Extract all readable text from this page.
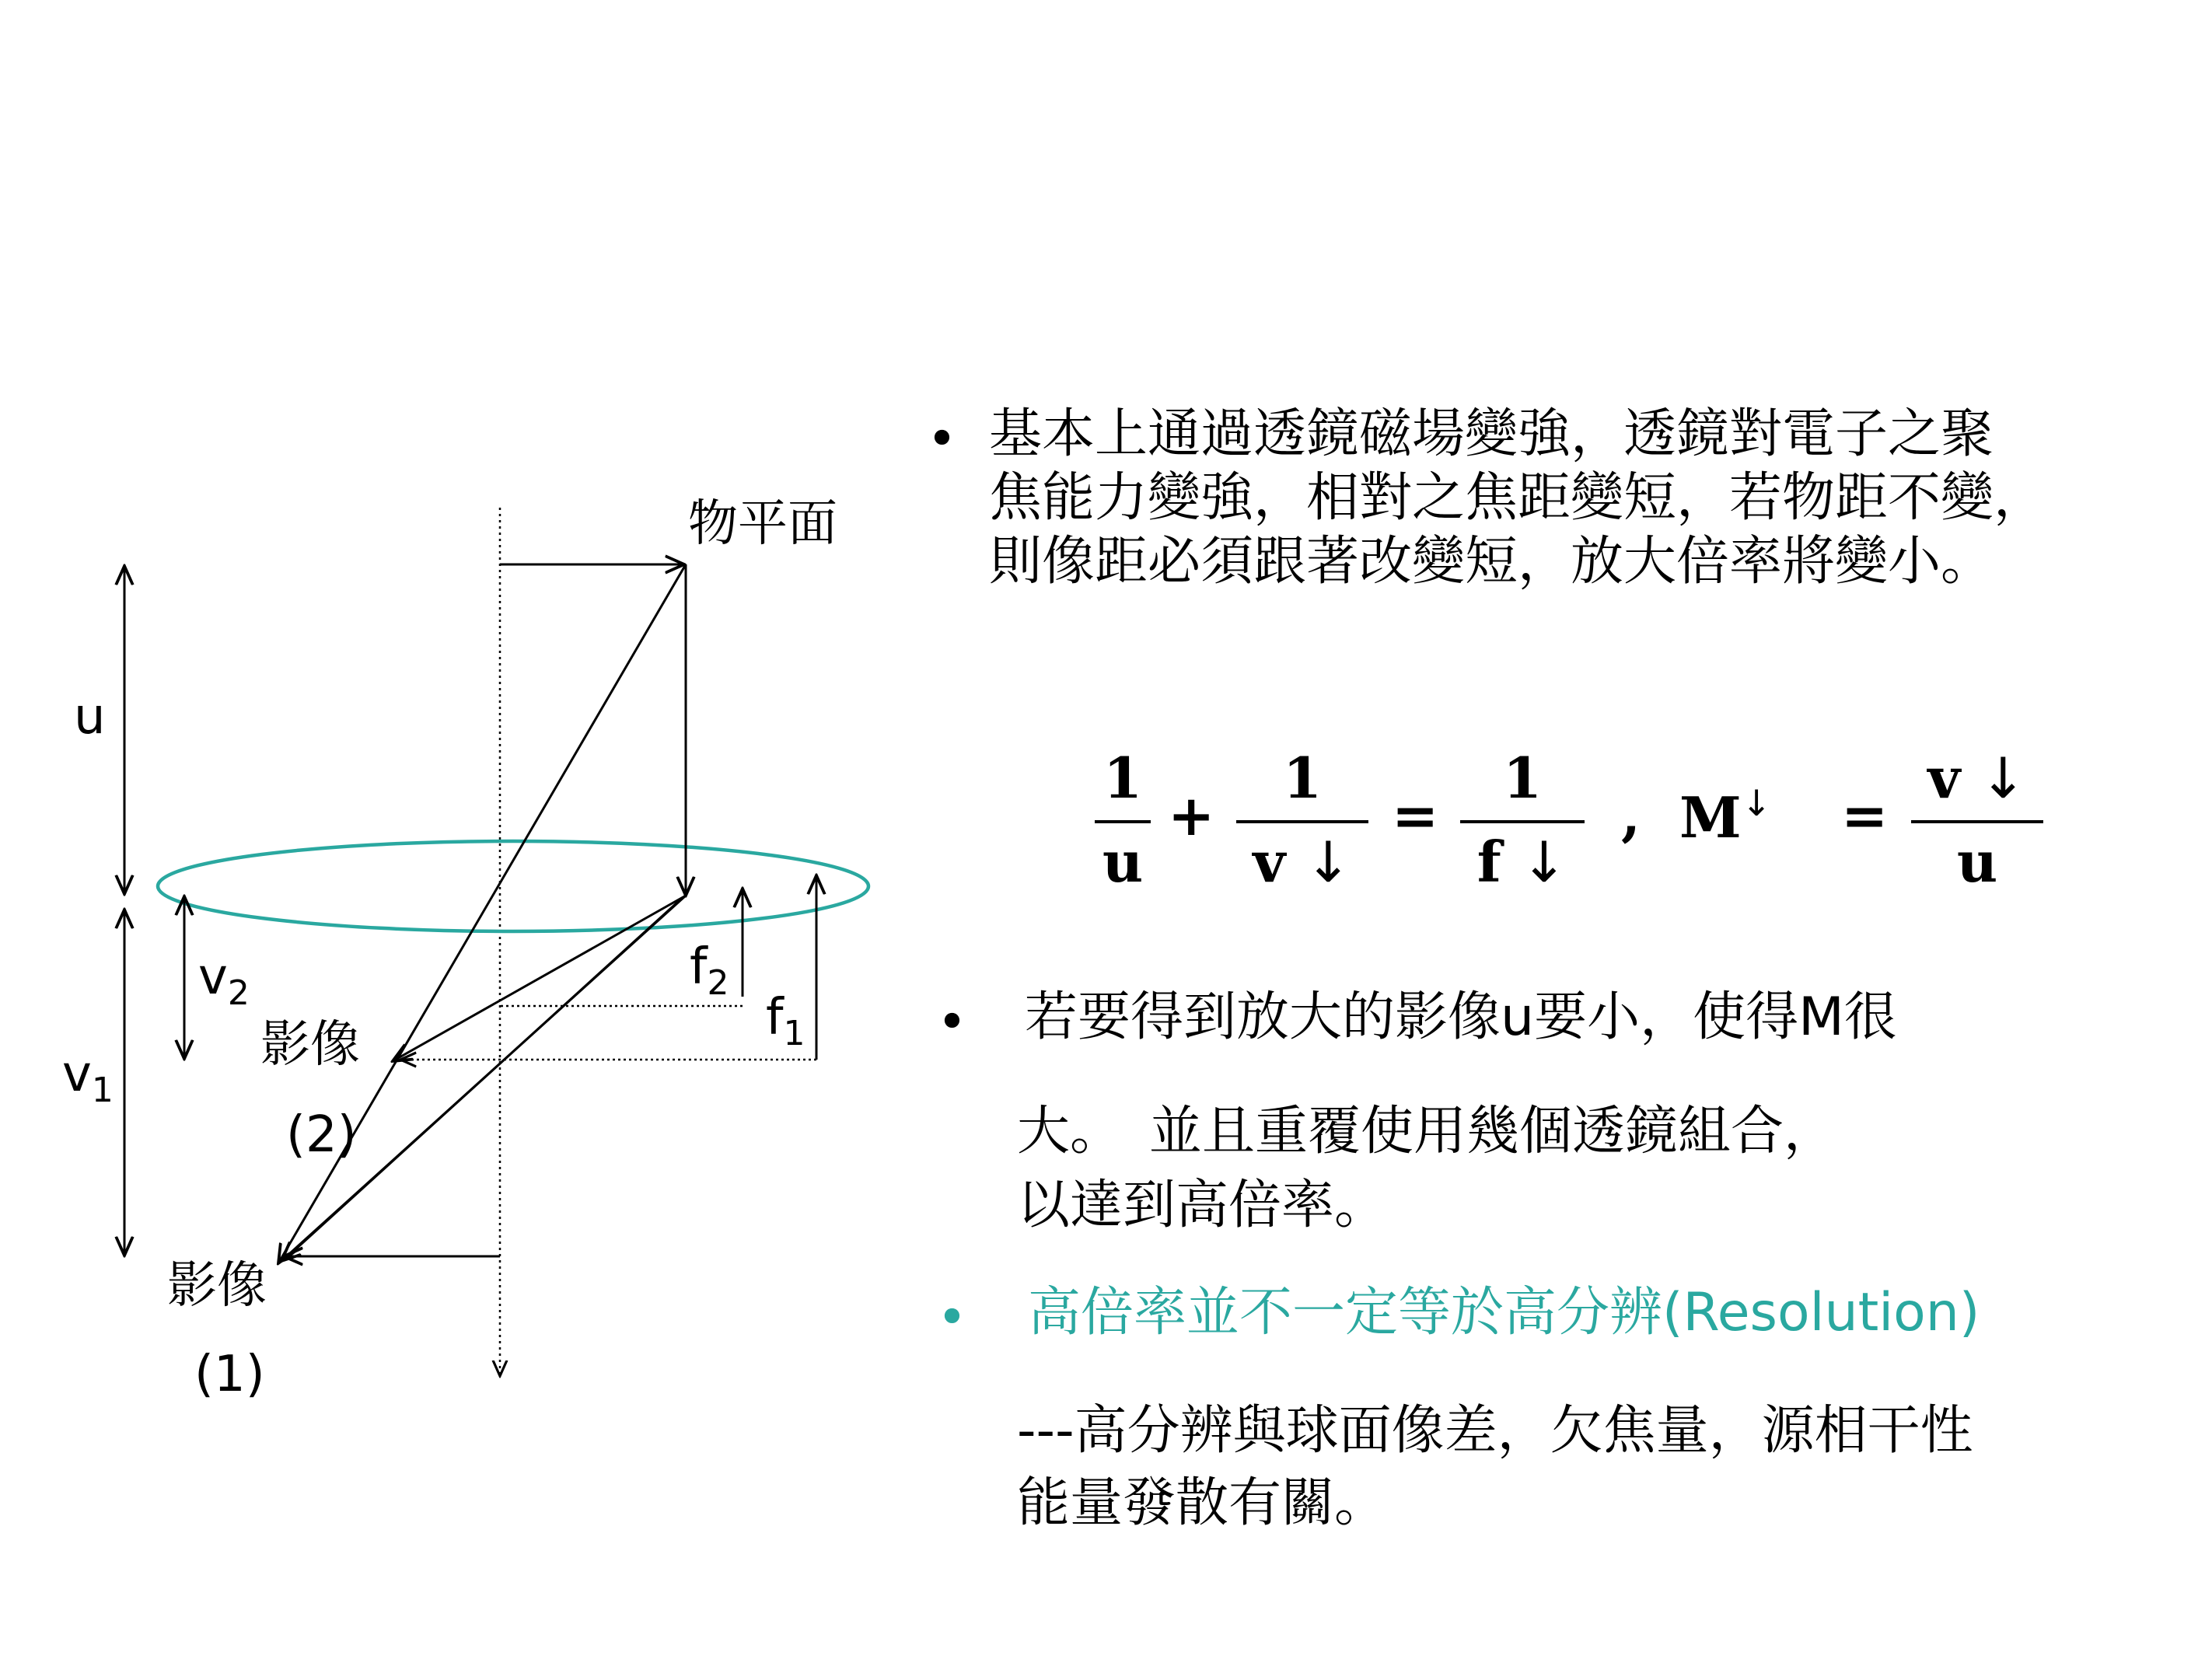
物平面
u
$v_2$
$v_1$
$f_2$
$f_1$
影像
(2)
影像
(1)
• 基本上通過透鏡磁場變強，透鏡對電子之聚
焦能力變強，相對之焦距變短，若物距不變，
則像距必須跟著改變短，放大倍率將變小。
1
u
+
1
v ↓
=
1
f ↓
, M↓ =
v ↓
u
• 若要得到放大的影像u要小，使得M很
大。　並且重覆使用幾個透鏡組合，
以達到高倍率。
• 高倍率並不一定等於高分辨(Resolution)
---高分辨與球面像差，欠焦量，源相干性
能量發散有關。
